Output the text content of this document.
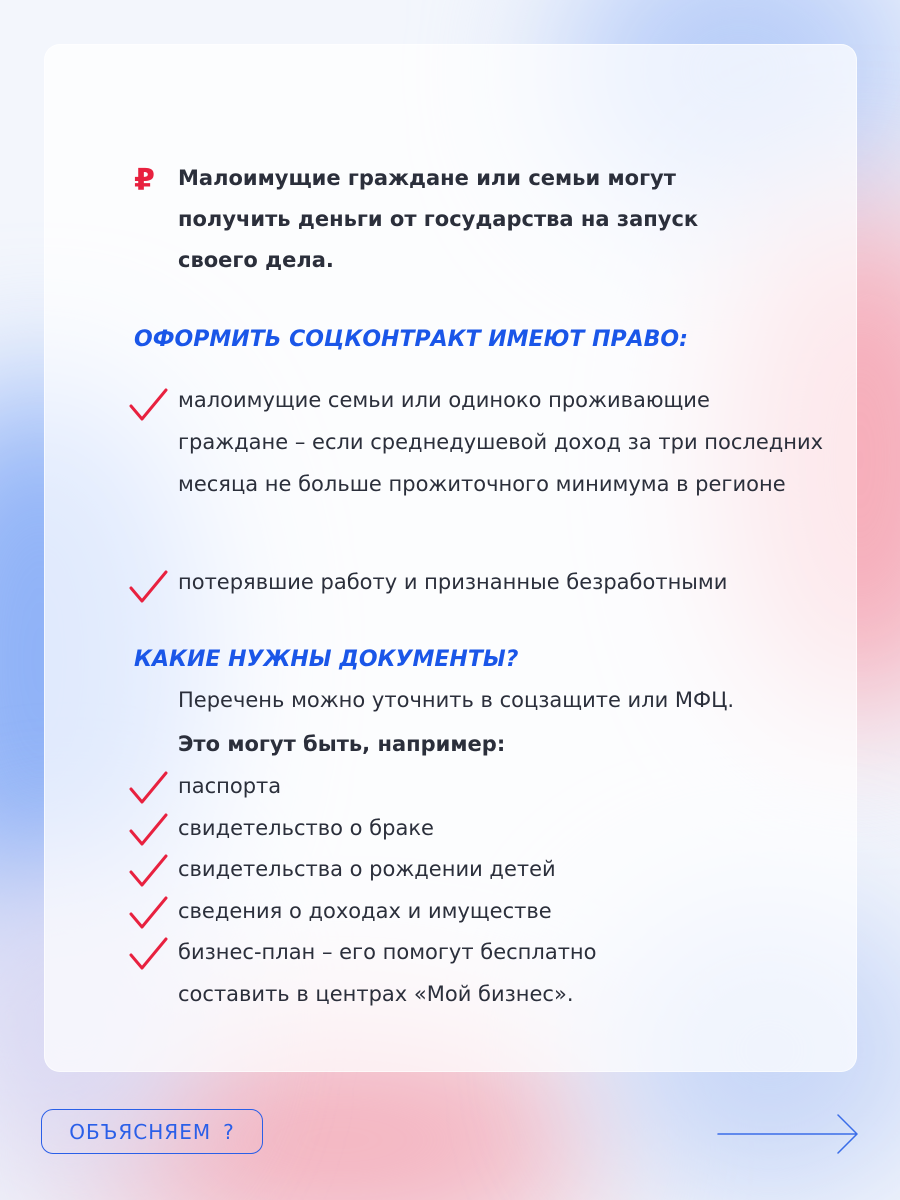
₽ Малоимущие граждане или семьи могут получить деньги от государства на запуск своего дела.

ОФОРМИТЬ СОЦКОНТРАКТ ИМЕЮТ ПРАВО:
малоимущие семьи или одиноко проживающие граждане – если среднедушевой доход за три последних месяца не больше прожиточного минимума в регионе
потерявшие работу и признанные безработными
КАКИЕ НУЖНЫ ДОКУМЕНТЫ?

Перечень можно уточнить в соцзащите или МФЦ.

Это могут быть, например:

паспорта
свидетельство о браке
свидетельства о рождении детей
сведения о доходах и имуществе
бизнес-план – его помогут бесплатно составить в центрах «Мой бизнес».
ОБЪЯСНЯЕМ ?
